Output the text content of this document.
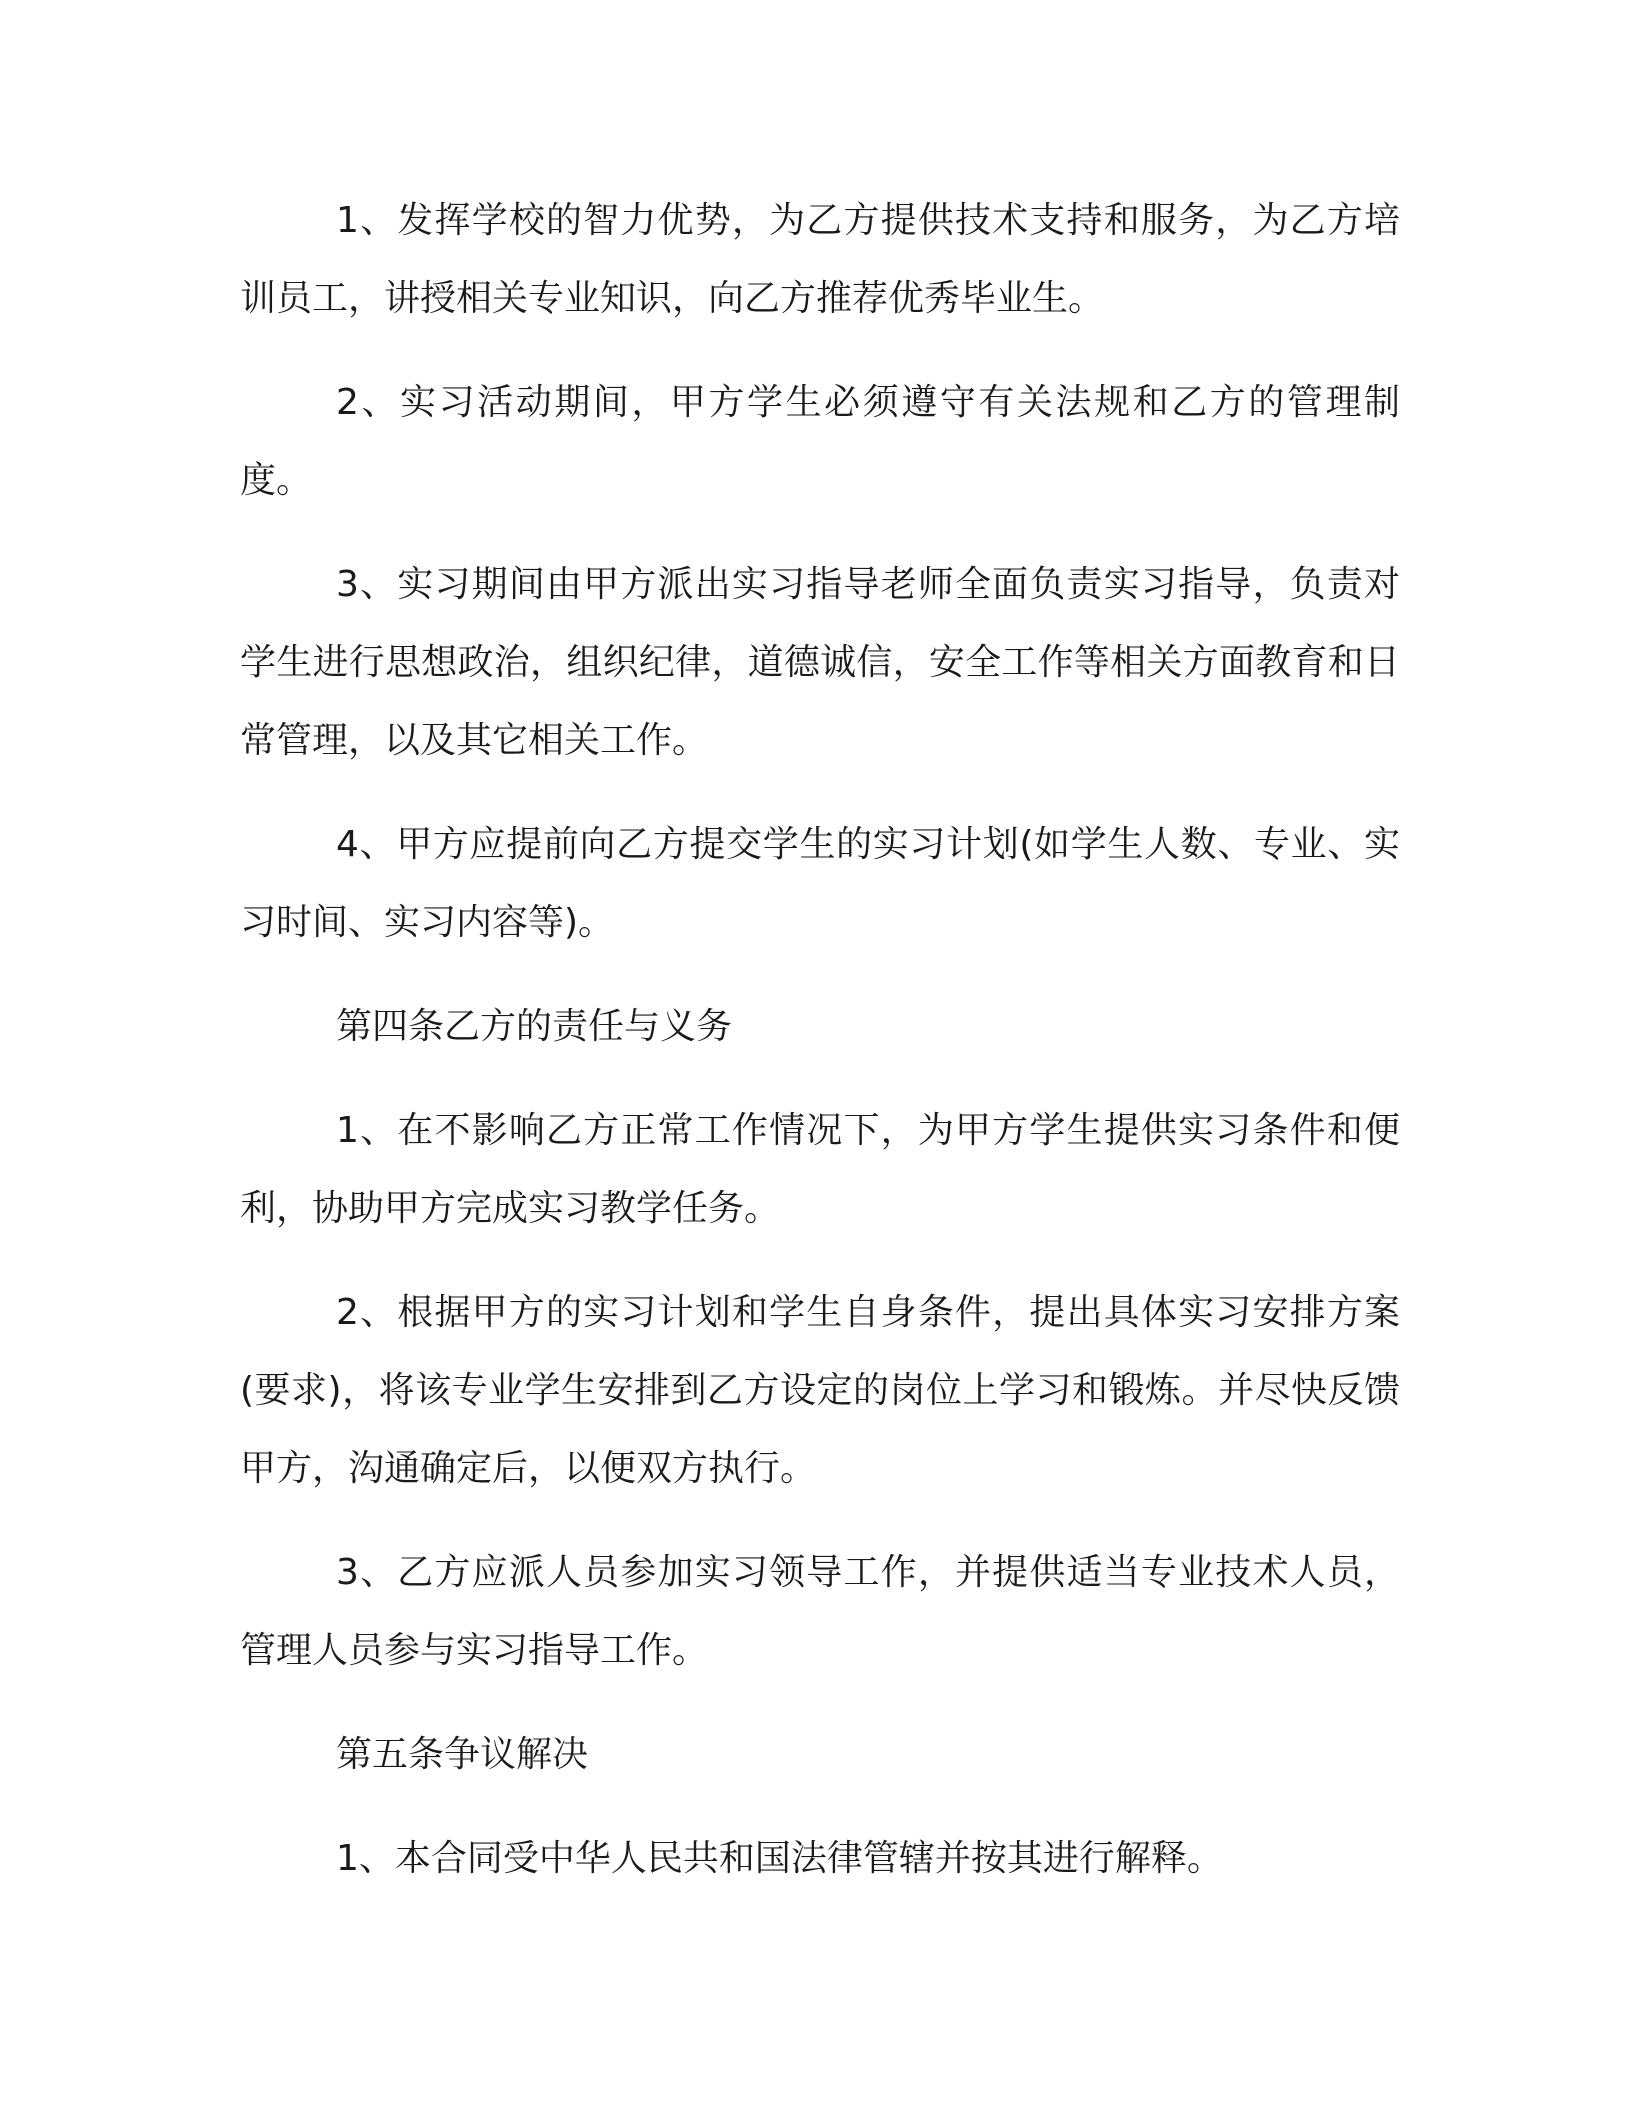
1、发挥学校的智力优势，为乙方提供技术支持和服务，为乙方培训员工，讲授相关专业知识，向乙方推荐优秀毕业生。

2、实习活动期间，甲方学生必须遵守有关法规和乙方的管理制度。

3、实习期间由甲方派出实习指导老师全面负责实习指导，负责对学生进行思想政治，组织纪律，道德诚信，安全工作等相关方面教育和日常管理，以及其它相关工作。

4、甲方应提前向乙方提交学生的实习计划(如学生人数、专业、实习时间、实习内容等)。

第四条乙方的责任与义务

1、在不影响乙方正常工作情况下，为甲方学生提供实习条件和便利，协助甲方完成实习教学任务。

2、根据甲方的实习计划和学生自身条件，提出具体实习安排方案(要求)，将该专业学生安排到乙方设定的岗位上学习和锻炼。并尽快反馈甲方，沟通确定后，以便双方执行。

3、乙方应派人员参加实习领导工作，并提供适当专业技术人员，管理人员参与实习指导工作。

第五条争议解决

1、本合同受中华人民共和国法律管辖并按其进行解释。
